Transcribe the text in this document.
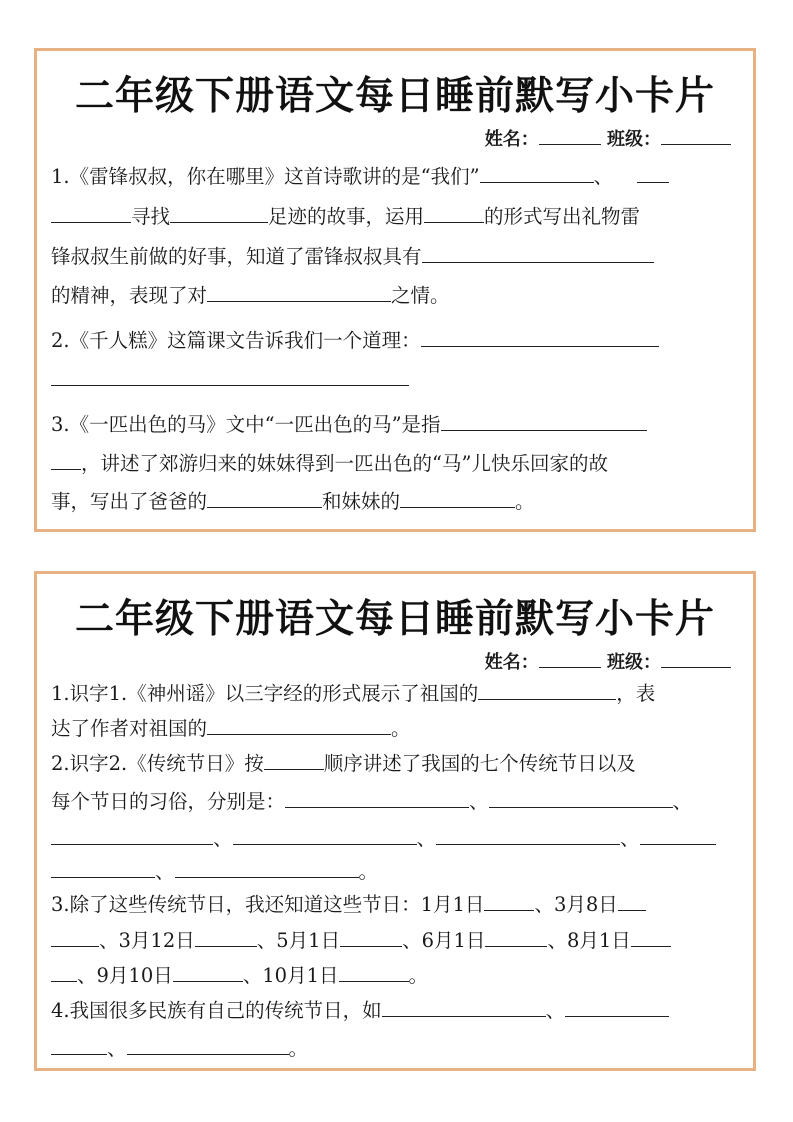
二年级下册语文每日睡前默写小卡片
姓名：	班级：
1.《雷锋叔叔，你在哪里》这首诗歌讲的是“我们”	、
寻找	足迹的故事，运用	的形式写出礼物雷
锋叔叔生前做的好事，知道了雷锋叔叔具有
的精神，表现了对	之情。
2.《千人糕》这篇课文告诉我们一个道理：
3.《一匹出色的马》文中“一匹出色的马”是指
，讲述了郊游归来的妹妹得到一匹出色的“马”儿快乐回家的故
事，写出了爸爸的	和妹妹的	。
二年级下册语文每日睡前默写小卡片
姓名：	班级：
1.识字1.《神州谣》以三字经的形式展示了祖国的	，表
达了作者对祖国的	。
2.识字2.《传统节日》按	顺序讲述了我国的七个传统节日以及
每个节日的习俗，分别是：	、	、
、	、	、
、	。
3.除了这些传统节日，我还知道这些节日：1月1日	、3月8日
、3月12日	、5月1日	、6月1日	、8月1日
、9月10日	、10月1日	。
4.我国很多民族有自己的传统节日，如	、
、	。
